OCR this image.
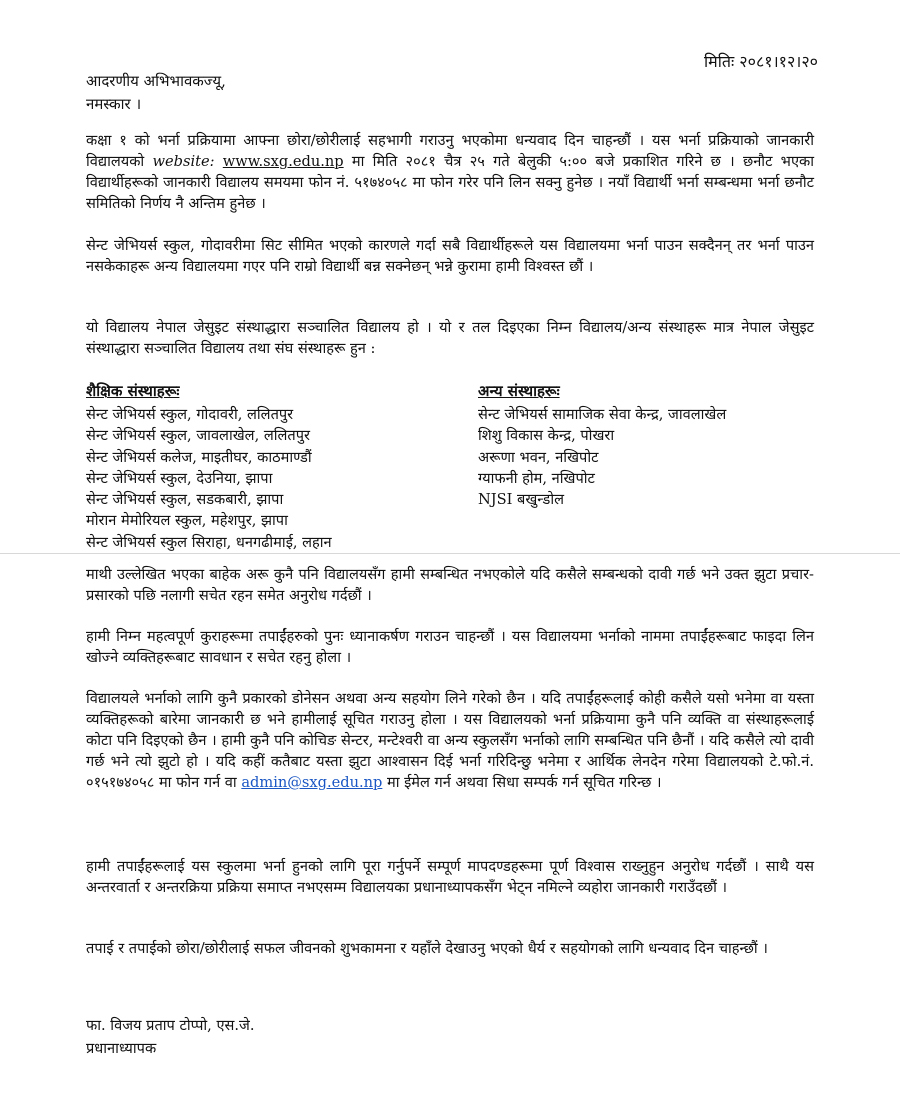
मितिः २०८१।१२।२०
आदरणीय अभिभावकज्यू,
नमस्कार ।

कक्षा १ को भर्ना प्रक्रियामा आफ्ना छोरा/छोरीलाई सहभागी गराउनु भएकोमा धन्यवाद दिन चाहन्छौं । यस भर्ना प्रक्रियाको जानकारी विद्यालयको website: www.sxg.edu.np मा मिति २०८१ चैत्र २५ गते बेलुकी ५:०० बजे प्रकाशित गरिने छ । छनौट भएका विद्यार्थीहरूको जानकारी विद्यालय समयमा फोन नं. ५१७४०५८ मा फोन गरेर पनि लिन सक्नु हुनेछ । नयाँ विद्यार्थी भर्ना सम्बन्धमा भर्ना छनौट समितिको निर्णय नै अन्तिम हुनेछ ।

सेन्ट जेभियर्स स्कुल, गोदावरीमा सिट सीमित भएको कारणले गर्दा सबै विद्यार्थीहरूले यस विद्यालयमा भर्ना पाउन सक्दैनन् तर भर्ना पाउन नसकेकाहरू अन्य विद्यालयमा गएर पनि राम्रो विद्यार्थी बन्न सक्नेछन् भन्ने कुरामा हामी विश्वस्त छौं ।

यो विद्यालय नेपाल जेसुइट संस्थाद्धारा सञ्चालित विद्यालय हो । यो र तल दिइएका निम्न विद्यालय/अन्य संस्थाहरू मात्र नेपाल जेसुइट संस्थाद्धारा सञ्चालित विद्यालय तथा संघ संस्थाहरू हुन :

शैक्षिक संस्थाहरूः
सेन्ट जेभियर्स स्कुल, गोदावरी, ललितपुर
सेन्ट जेभियर्स स्कुल, जावलाखेल, ललितपुर
सेन्ट जेभियर्स कलेज, माइतीघर, काठमाण्डौं
सेन्ट जेभियर्स स्कुल, देउनिया, झापा
सेन्ट जेभियर्स स्कुल, सडकबारी, झापा
मोरान मेमोरियल स्कुल, महेशपुर, झापा
सेन्ट जेभियर्स स्कुल सिराहा, धनगढीमाई, लहान
अन्य संस्थाहरूः
सेन्ट जेभियर्स सामाजिक सेवा केन्द्र, जावलाखेल
शिशु विकास केन्द्र, पोखरा
अरूणा भवन, नखिपोट
ग्याफनी होम, नखिपोट
NJSI बखुन्डोल

माथी उल्लेखित भएका बाहेक अरू कुनै पनि विद्यालयसँग हामी सम्बन्धित नभएकोले यदि कसैले सम्बन्धको दावी गर्छ भने उक्त झुटा प्रचार-प्रसारको पछि नलागी सचेत रहन समेत अनुरोध गर्दछौं ।

हामी निम्न महत्वपूर्ण कुराहरूमा तपाईंहरुको पुनः ध्यानाकर्षण गराउन चाहन्छौं । यस विद्यालयमा भर्नाको नाममा तपाईंहरूबाट फाइदा लिन खोज्ने व्यक्तिहरूबाट सावधान र सचेत रहनु होला ।

विद्यालयले भर्नाको लागि कुनै प्रकारको डोनेसन अथवा अन्य सहयोग लिने गरेको छैन । यदि तपाईंहरूलाई कोही कसैले यसो भनेमा वा यस्ता व्यक्तिहरूको बारेमा जानकारी छ भने हामीलाई सूचित गराउनु होला । यस विद्यालयको भर्ना प्रक्रियामा कुनै पनि व्यक्ति वा संस्थाहरूलाई कोटा पनि दिइएको छैन । हामी कुनै पनि कोचिङ सेन्टर, मन्टेश्वरी वा अन्य स्कुलसँग भर्नाको लागि सम्बन्धित पनि छैनौं । यदि कसैले त्यो दावी गर्छ भने त्यो झुटो हो । यदि कहीं कतैबाट यस्ता झुटा आश्वासन दिई भर्ना गरिदिन्छु भनेमा र आर्थिक लेनदेन गरेमा विद्यालयको टे.फो.नं. ०१५१७४०५८ मा फोन गर्न वा admin@sxg.edu.np मा ईमेल गर्न अथवा सिधा सम्पर्क गर्न सूचित गरिन्छ ।

हामी तपाईंहरूलाई यस स्कुलमा भर्ना हुनको लागि पूरा गर्नुपर्ने सम्पूर्ण मापदण्डहरूमा पूर्ण विश्वास राख्नुहुन अनुरोध गर्दछौं । साथै यस अन्तरवार्ता र अन्तरक्रिया प्रक्रिया समाप्त नभएसम्म विद्यालयका प्रधानाध्यापकसँग भेट्न नमिल्ने व्यहोरा जानकारी गराउँदछौं ।

तपाई र तपाईको छोरा/छोरीलाई सफल जीवनको शुभकामना र यहाँले देखाउनु भएको धैर्य र सहयोगको लागि धन्यवाद दिन चाहन्छौं ।

फा. विजय प्रताप टोप्पो, एस.जे.
प्रधानाध्यापक
